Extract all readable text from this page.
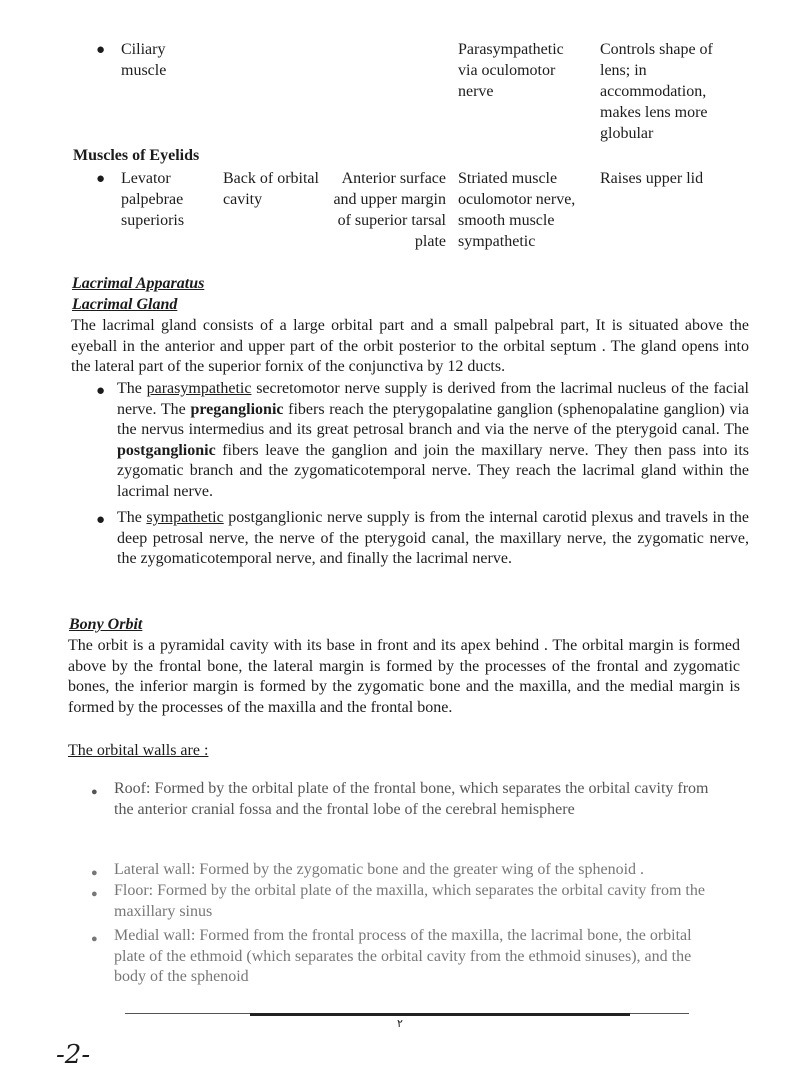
● Ciliary muscle
Parasympathetic via oculomotor nerve
Controls shape of lens; in accommodation, makes lens more globular
Muscles of Eyelids
● Levator palpebrae superioris
Back of orbital cavity
Anterior surface and upper margin of superior tarsal plate
Striated muscle oculomotor nerve, smooth muscle sympathetic
Raises upper lid
Lacrimal Apparatus
Lacrimal Gland
The lacrimal gland consists of a large orbital part and a small palpebral part, It is situated above the eyeball in the anterior and upper part of the orbit posterior to the orbital septum . The gland opens into the lateral part of the superior fornix of the conjunctiva by 12 ducts.
● The parasympathetic secretomotor nerve supply is derived from the lacrimal nucleus of the facial nerve. The preganglionic fibers reach the pterygopalatine ganglion (sphenopalatine ganglion) via the nervus intermedius and its great petrosal branch and via the nerve of the pterygoid canal. The postganglionic fibers leave the ganglion and join the maxillary nerve. They then pass into its zygomatic branch and the zygomaticotemporal nerve. They reach the lacrimal gland within the lacrimal nerve.
● The sympathetic postganglionic nerve supply is from the internal carotid plexus and travels in the deep petrosal nerve, the nerve of the pterygoid canal, the maxillary nerve, the zygomatic nerve, the zygomaticotemporal nerve, and finally the lacrimal nerve.
Bony Orbit
The orbit is a pyramidal cavity with its base in front and its apex behind . The orbital margin is formed above by the frontal bone, the lateral margin is formed by the processes of the frontal and zygomatic bones, the inferior margin is formed by the zygomatic bone and the maxilla, and the medial margin is formed by the processes of the maxilla and the frontal bone.
The orbital walls are :
● Roof: Formed by the orbital plate of the frontal bone, which separates the orbital cavity from the anterior cranial fossa and the frontal lobe of the cerebral hemisphere
● Lateral wall: Formed by the zygomatic bone and the greater wing of the sphenoid .
● Floor: Formed by the orbital plate of the maxilla, which separates the orbital cavity from the maxillary sinus
● Medial wall: Formed from the frontal process of the maxilla, the lacrimal bone, the orbital plate of the ethmoid (which separates the orbital cavity from the ethmoid sinuses), and the body of the sphenoid
٢
-2-
